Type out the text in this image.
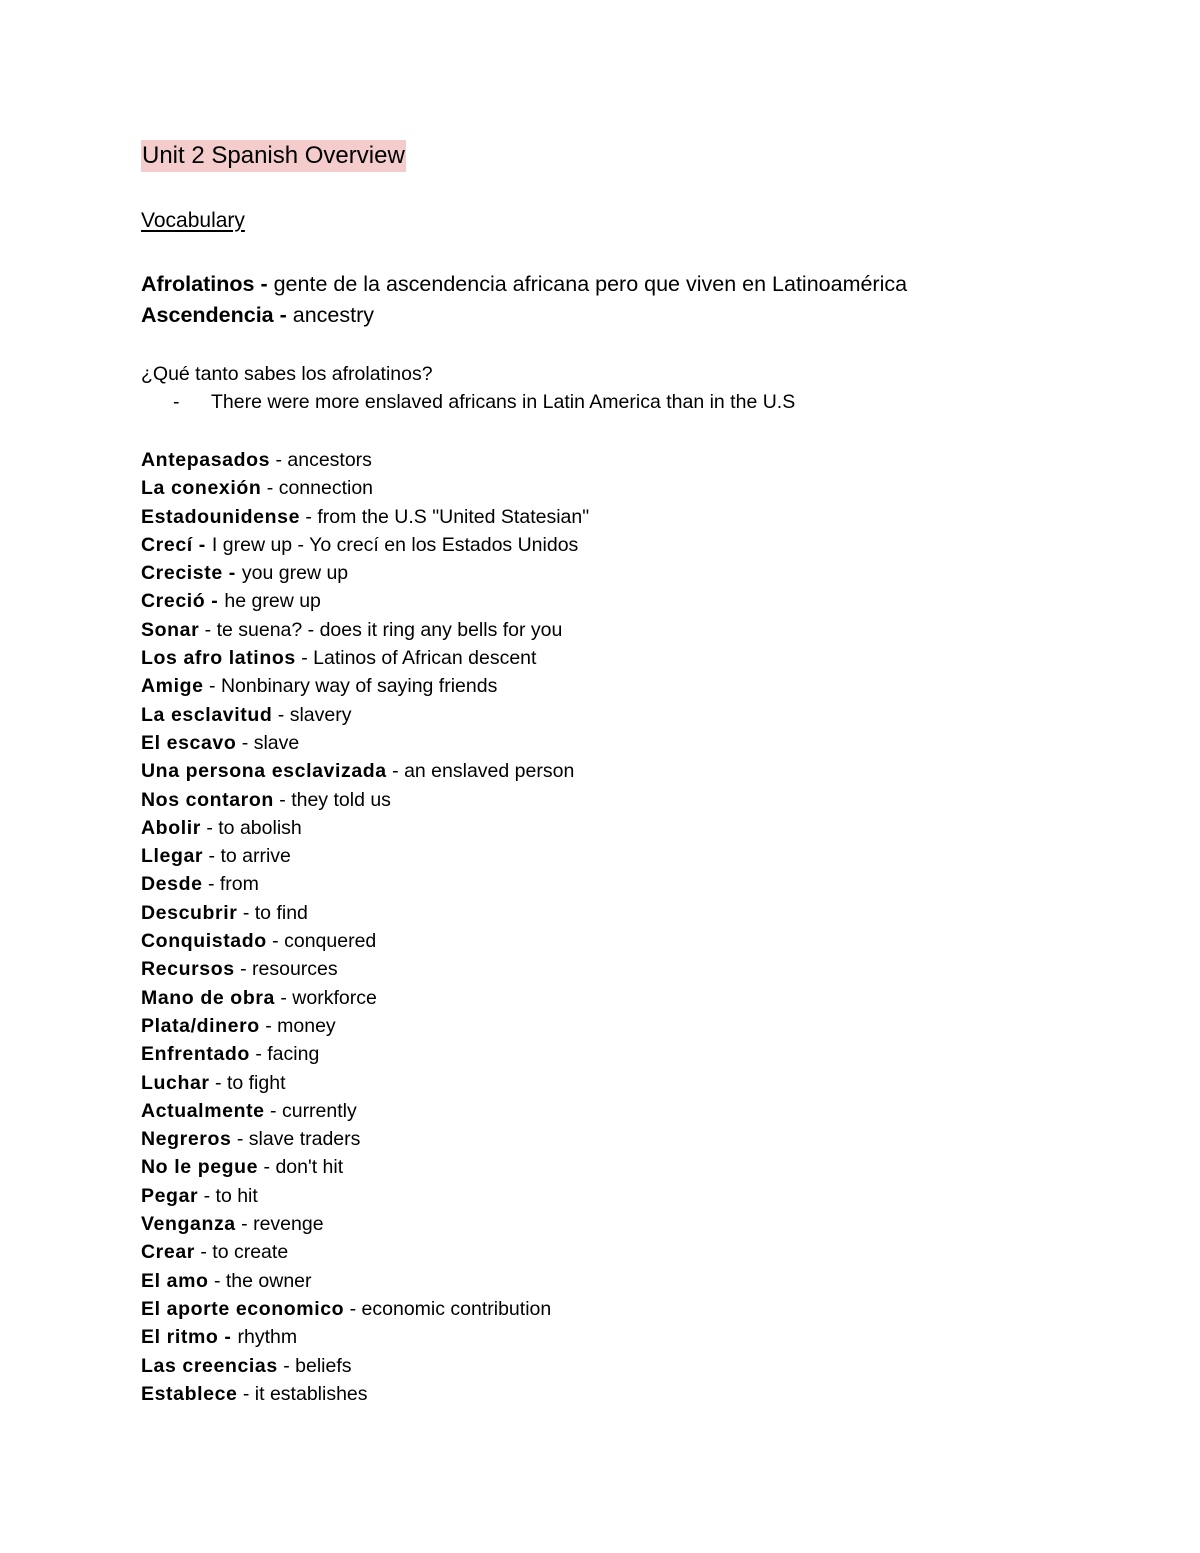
Unit 2 Spanish Overview
Vocabulary
Afrolatinos - gente de la ascendencia africana pero que viven en Latinoamérica
Ascendencia - ancestry
¿Qué tanto sabes los afrolatinos?
- There were more enslaved africans in Latin America than in the U.S
Antepasados - ancestors
La conexión - connection
Estadounidense - from the U.S "United Statesian"
Crecí - I grew up - Yo crecí en los Estados Unidos
Creciste - you grew up
Creció - he grew up
Sonar - te suena? - does it ring any bells for you
Los afro latinos - Latinos of African descent
Amige - Nonbinary way of saying friends
La esclavitud - slavery
El escavo - slave
Una persona esclavizada - an enslaved person
Nos contaron - they told us
Abolir - to abolish
Llegar - to arrive
Desde - from
Descubrir - to find
Conquistado - conquered
Recursos - resources
Mano de obra - workforce
Plata/dinero - money
Enfrentado - facing
Luchar - to fight
Actualmente - currently
Negreros - slave traders
No le pegue - don't hit
Pegar - to hit
Venganza - revenge
Crear - to create
El amo - the owner
El aporte economico - economic contribution
El ritmo - rhythm
Las creencias - beliefs
Establece - it establishes
